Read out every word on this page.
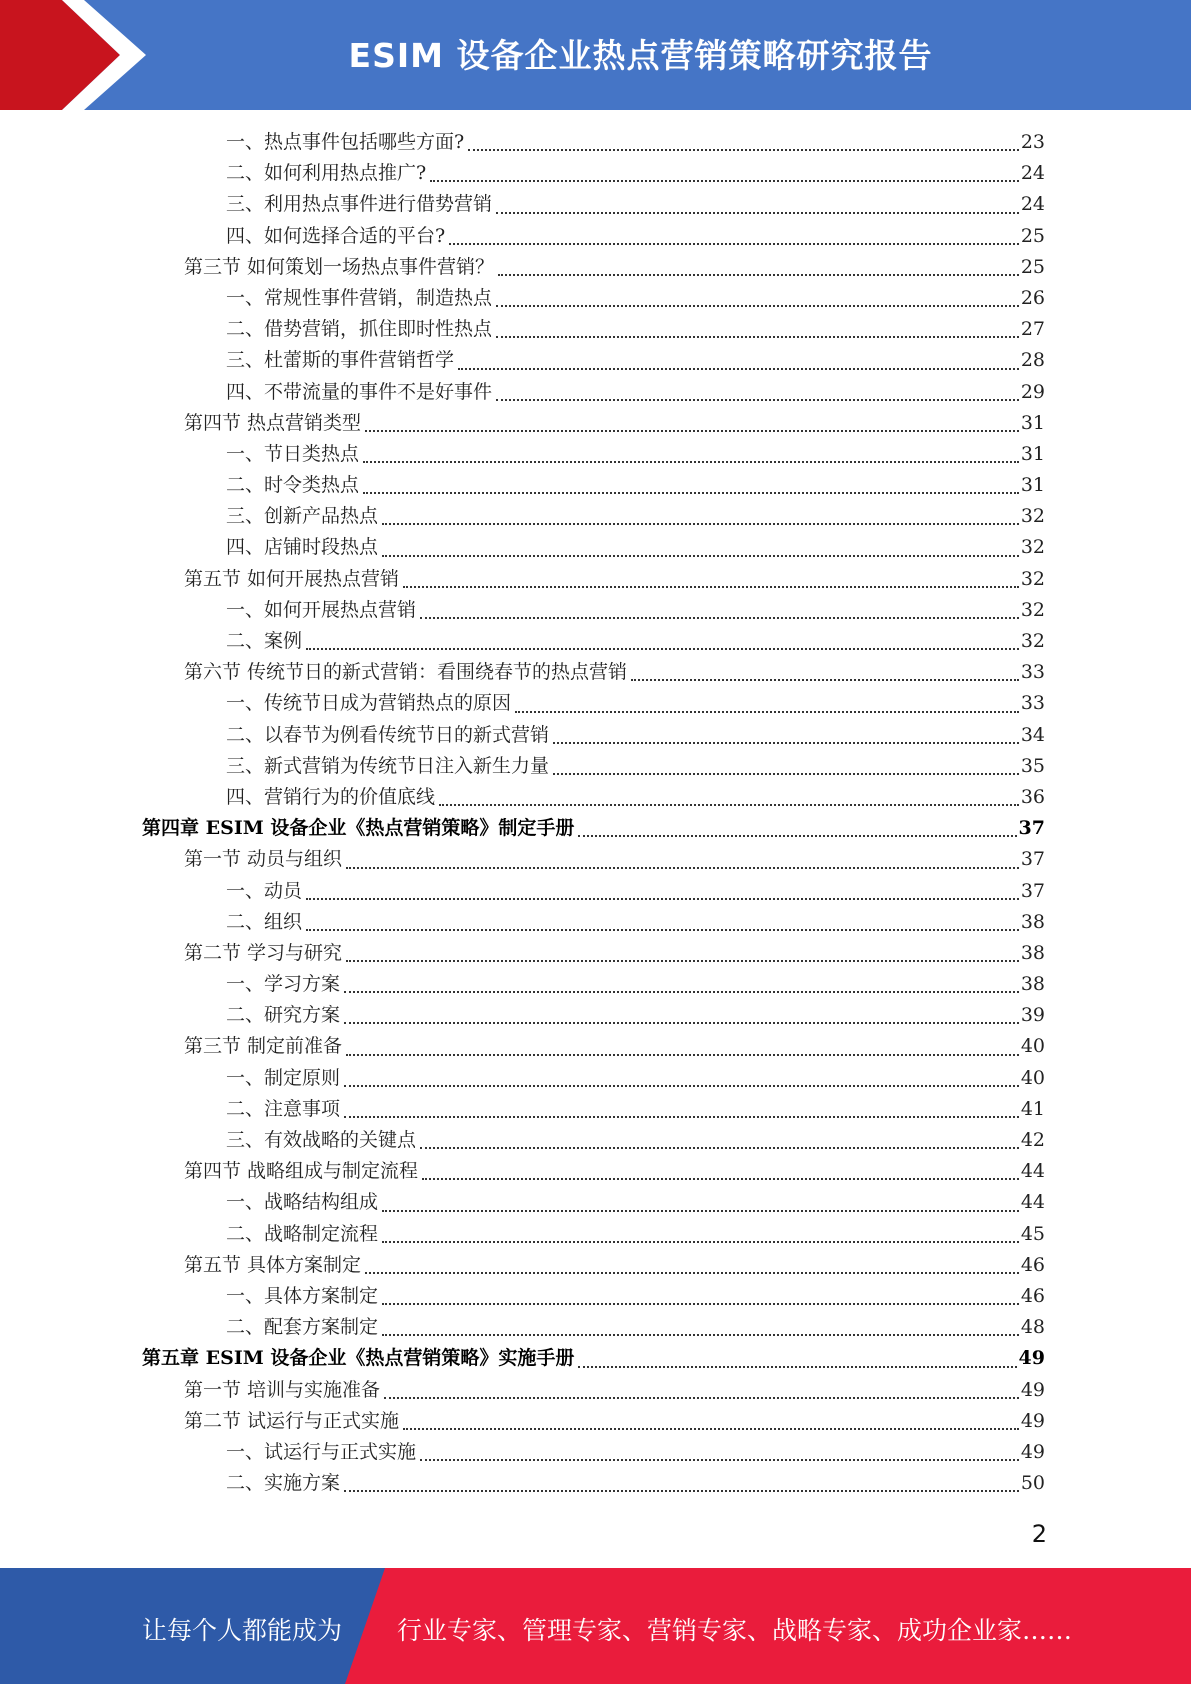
ESIM 设备企业热点营销策略研究报告
一、热点事件包括哪些方面?	23
二、如何利用热点推广?	24
三、利用热点事件进行借势营销	24
四、如何选择合适的平台?	25
第三节 如何策划一场热点事件营销？	25
一、常规性事件营销，制造热点	26
二、借势营销，抓住即时性热点	27
三、杜蕾斯的事件营销哲学	28
四、不带流量的事件不是好事件	29
第四节 热点营销类型	31
一、节日类热点	31
二、时令类热点	31
三、创新产品热点	32
四、店铺时段热点	32
第五节 如何开展热点营销	32
一、如何开展热点营销	32
二、案例	32
第六节 传统节日的新式营销：看围绕春节的热点营销	33
一、传统节日成为营销热点的原因	33
二、以春节为例看传统节日的新式营销	34
三、新式营销为传统节日注入新生力量	35
四、营销行为的价值底线	36
第四章 ESIM 设备企业《热点营销策略》制定手册	37
第一节 动员与组织	37
一、动员	37
二、组织	38
第二节 学习与研究	38
一、学习方案	38
二、研究方案	39
第三节 制定前准备	40
一、制定原则	40
二、注意事项	41
三、有效战略的关键点	42
第四节 战略组成与制定流程	44
一、战略结构组成	44
二、战略制定流程	45
第五节 具体方案制定	46
一、具体方案制定	46
二、配套方案制定	48
第五章 ESIM 设备企业《热点营销策略》实施手册	49
第一节 培训与实施准备	49
第二节 试运行与正式实施	49
一、试运行与正式实施	49
二、实施方案	50
2
让每个人都能成为 行业专家、管理专家、营销专家、战略专家、成功企业家……
